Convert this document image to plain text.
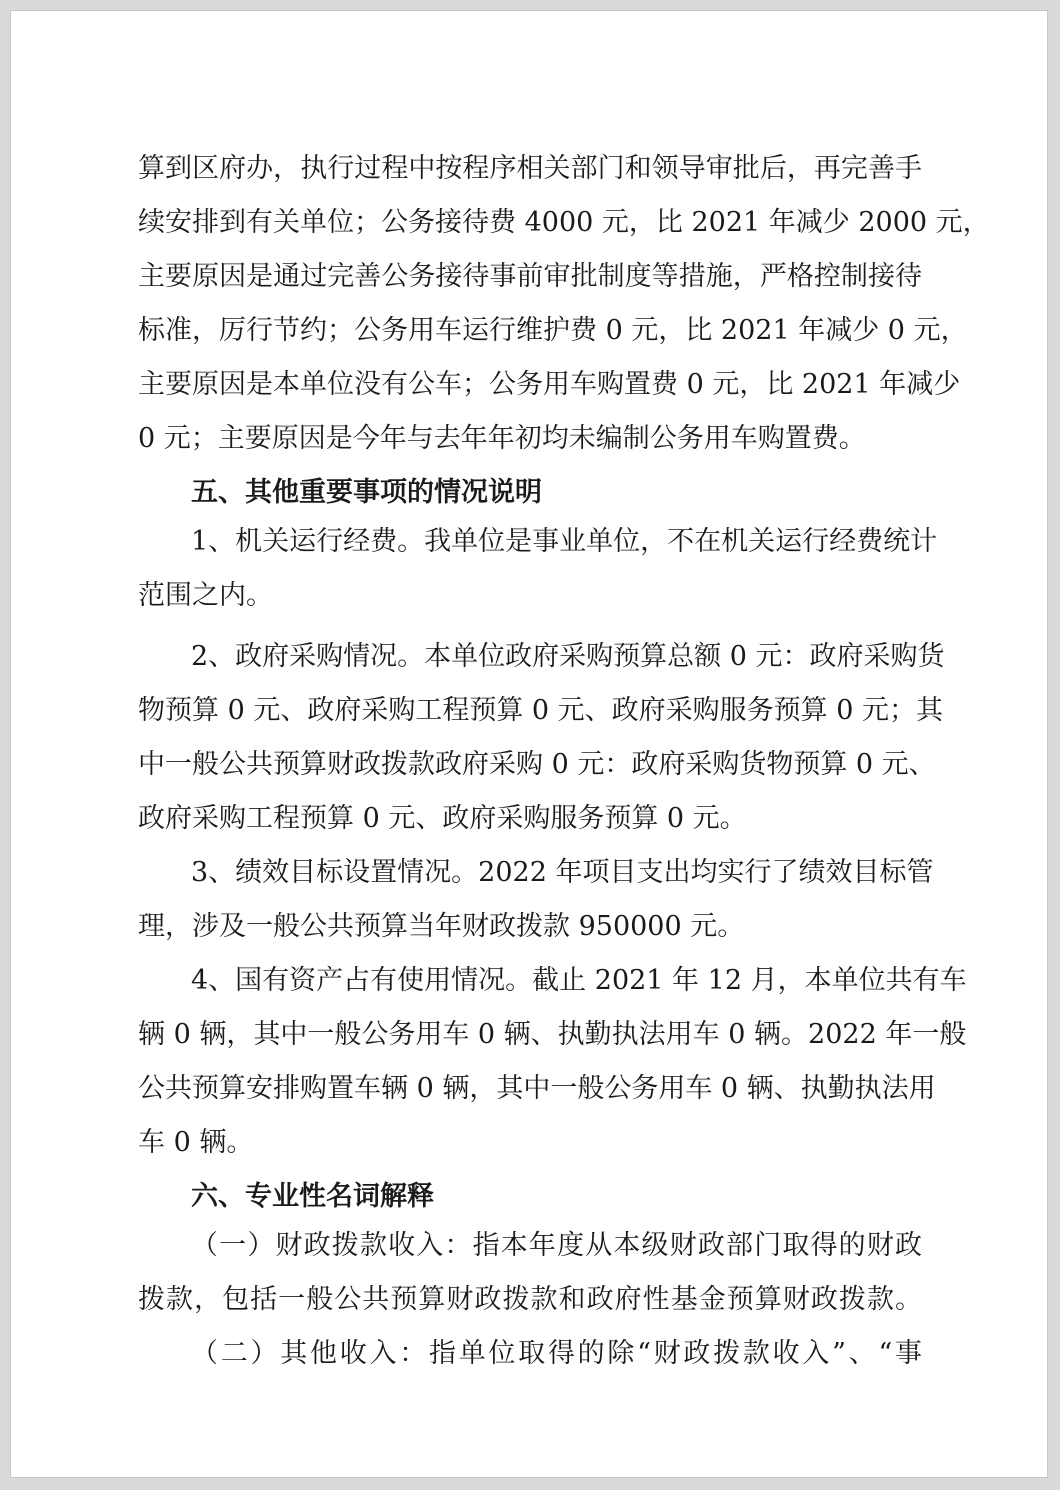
算到区府办，执行过程中按程序相关部门和领导审批后，再完善手
续安排到有关单位；公务接待费 4000 元，比 2021 年减少 2000 元，
主要原因是通过完善公务接待事前审批制度等措施，严格控制接待
标准，厉行节约；公务用车运行维护费 0 元，比 2021 年减少 0 元，
主要原因是本单位没有公车；公务用车购置费 0 元，比 2021 年减少
0 元；主要原因是今年与去年年初均未编制公务用车购置费。
五、其他重要事项的情况说明
1、机关运行经费。我单位是事业单位，不在机关运行经费统计
范围之内。
2、政府采购情况。本单位政府采购预算总额 0 元：政府采购货
物预算 0 元、政府采购工程预算 0 元、政府采购服务预算 0 元；其
中一般公共预算财政拨款政府采购 0 元：政府采购货物预算 0 元、
政府采购工程预算 0 元、政府采购服务预算 0 元。
3、绩效目标设置情况。2022 年项目支出均实行了绩效目标管
理，涉及一般公共预算当年财政拨款 950000 元。
4、国有资产占有使用情况。截止 2021 年 12 月，本单位共有车
辆 0 辆，其中一般公务用车 0 辆、执勤执法用车 0 辆。2022 年一般
公共预算安排购置车辆 0 辆，其中一般公务用车 0 辆、执勤执法用
车 0 辆。
六、专业性名词解释
（一）财政拨款收入：指本年度从本级财政部门取得的财政
拨款，包括一般公共预算财政拨款和政府性基金预算财政拨款。
（二）其他收入：指单位取得的除“财政拨款收入”、“事
